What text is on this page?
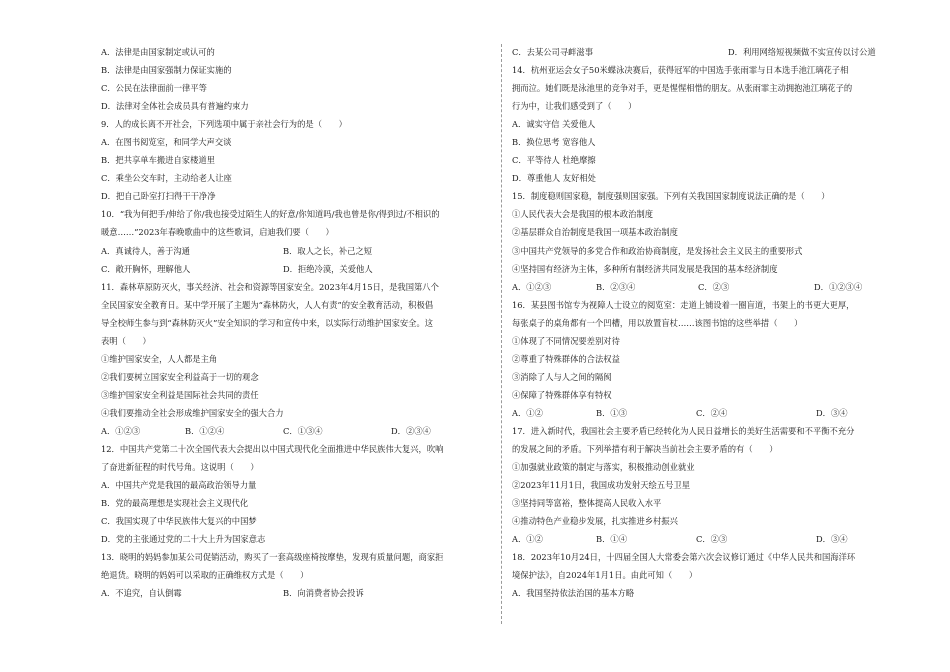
A．法律是由国家制定或认可的
B．法律是由国家强制力保证实施的
C．公民在法律面前一律平等
D．法律对全体社会成员具有普遍约束力
9．人的成长离不开社会，下列选项中属于亲社会行为的是（　　）
A．在图书阅览室，和同学大声交谈
B．把共享单车搬进自家楼道里
C．乘坐公交车时，主动给老人让座
D．把自己卧室打扫得干干净净
10．“我为何把手/伸给了你/我也接受过陌生人的好意/你知道吗/我也曾是你/得到过/不相识的
暖意……”2023年春晚歌曲中的这些歌词，启迪我们要（　　）
A．真诚待人，善于沟通	B．取人之长，补己之短
C．敞开胸怀，理解他人	D．拒绝冷漠，关爱他人
11．森林草原防灭火，事关经济、社会和资源等国家安全。2023年4月15日，是我国第八个
全民国家安全教育日。某中学开展了主题为“森林防火，人人有责”的安全教育活动，积极倡
导全校师生参与到“森林防灭火”安全知识的学习和宣传中来，以实际行动维护国家安全。这
表明（　　）
①维护国家安全，人人都是主角
②我们要树立国家安全利益高于一切的观念
③维护国家安全利益是国际社会共同的责任
④我们要推动全社会形成维护国家安全的强大合力
A．①②③	B．①②④	C．①③④	D．②③④
12．中国共产党第二十次全国代表大会提出以中国式现代化全面推进中华民族伟大复兴，吹响
了奋进新征程的时代号角。这说明（　　）
A．中国共产党是我国的最高政治领导力量
B．党的最高理想是实现社会主义现代化
C．我国实现了中华民族伟大复兴的中国梦
D．党的主张通过党的二十大上升为国家意志
13．晓明的妈妈参加某公司促销活动，购买了一套高级座椅按摩垫，发现有质量问题，商家拒
绝退货。晓明的妈妈可以采取的正确维权方式是（　　）
A．不追究，自认倒霉	B．向消费者协会投诉
C．去某公司寻衅滋事	D．利用网络短视频做不实宣传以讨公道
14．杭州亚运会女子50米蝶泳决赛后，获得冠军的中国选手张雨霏与日本选手池江璃花子相
拥而泣。她们既是泳池里的竞争对手，更是惺惺相惜的朋友。从张雨霏主动拥抱池江璃花子的
行为中，让我们感受到了（　　）
A．诚实守信 关爱他人
B．换位思考 宽容他人
C．平等待人 杜绝摩擦
D．尊重他人 友好相处
15．制度稳则国家稳，制度强则国家强。下列有关我国国家制度说法正确的是（　　）
①人民代表大会是我国的根本政治制度
②基层群众自治制度是我国一项基本政治制度
③中国共产党领导的多党合作和政治协商制度，是发扬社会主义民主的重要形式
④坚持国有经济为主体，多种所有制经济共同发展是我国的基本经济制度
A．①②③	B．②③④	C．②③	D．①②③④
16．某县图书馆专为视障人士设立的阅览室：走道上铺设着一圈盲道，书架上的书更大更厚，
每张桌子的桌角都有一个凹槽，用以放置盲杖……该图书馆的这些举措（　　）
①体现了不同情况要差别对待
②尊重了特殊群体的合法权益
③消除了人与人之间的隔阂
④保障了特殊群体享有特权
A．①②	B．①③	C．②④	D．③④
17．进入新时代，我国社会主要矛盾已经转化为人民日益增长的美好生活需要和不平衡不充分
的发展之间的矛盾。下列举措有利于解决当前社会主要矛盾的有（　　）
①加强就业政策的制定与落实，积极推动创业就业
②2023年11月1日，我国成功发射天绘五号卫星
③坚持同等富裕，整体提高人民收入水平
④推动特色产业稳步发展，扎实推进乡村振兴
A．①②	B．①④	C．②③	D．③④
18．2023年10月24日，十四届全国人大常委会第六次会议修订通过《中华人民共和国海洋环
境保护法》，自2024年1月1日。由此可知（　　）
A．我国坚持依法治国的基本方略
